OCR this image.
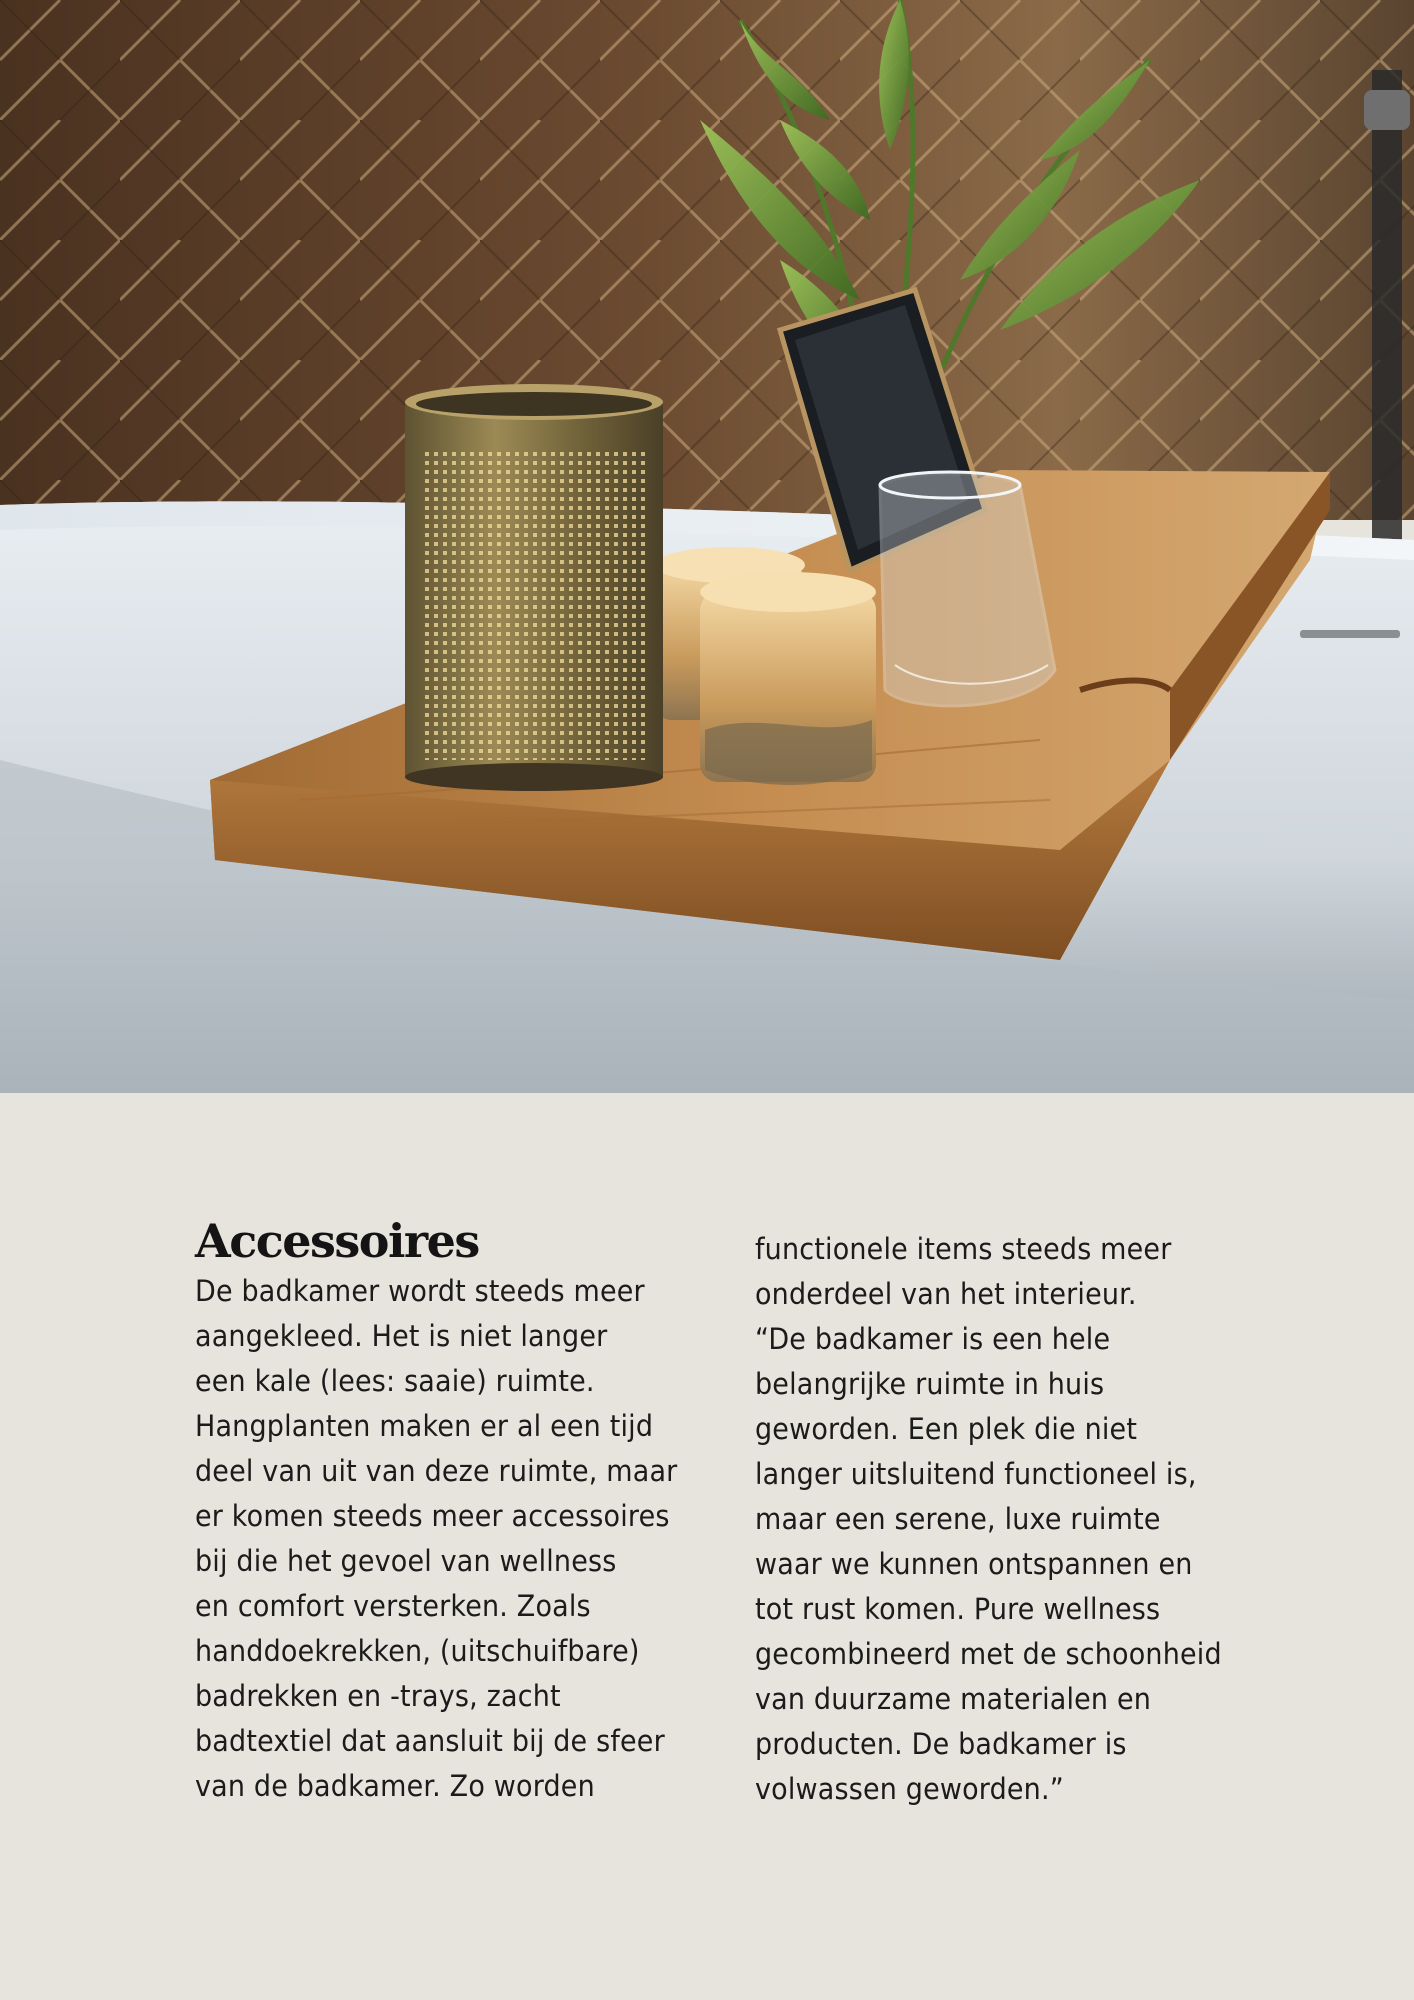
Accessoires
De badkamer wordt steeds meer
aangekleed. Het is niet langer
een kale (lees: saaie) ruimte.
Hangplanten maken er al een tijd
deel van uit van deze ruimte, maar
er komen steeds meer accessoires
bij die het gevoel van wellness
en comfort versterken. Zoals
handdoekrekken, (uitschuifbare)
badrekken en -trays, zacht
badtextiel dat aansluit bij de sfeer
van de badkamer. Zo worden
functionele items steeds meer
onderdeel van het interieur.
“De badkamer is een hele
belangrijke ruimte in huis
geworden. Een plek die niet
langer uitsluitend functioneel is,
maar een serene, luxe ruimte
waar we kunnen ontspannen en
tot rust komen. Pure wellness
gecombineerd met de schoonheid
van duurzame materialen en
producten. De badkamer is
volwassen geworden.”
